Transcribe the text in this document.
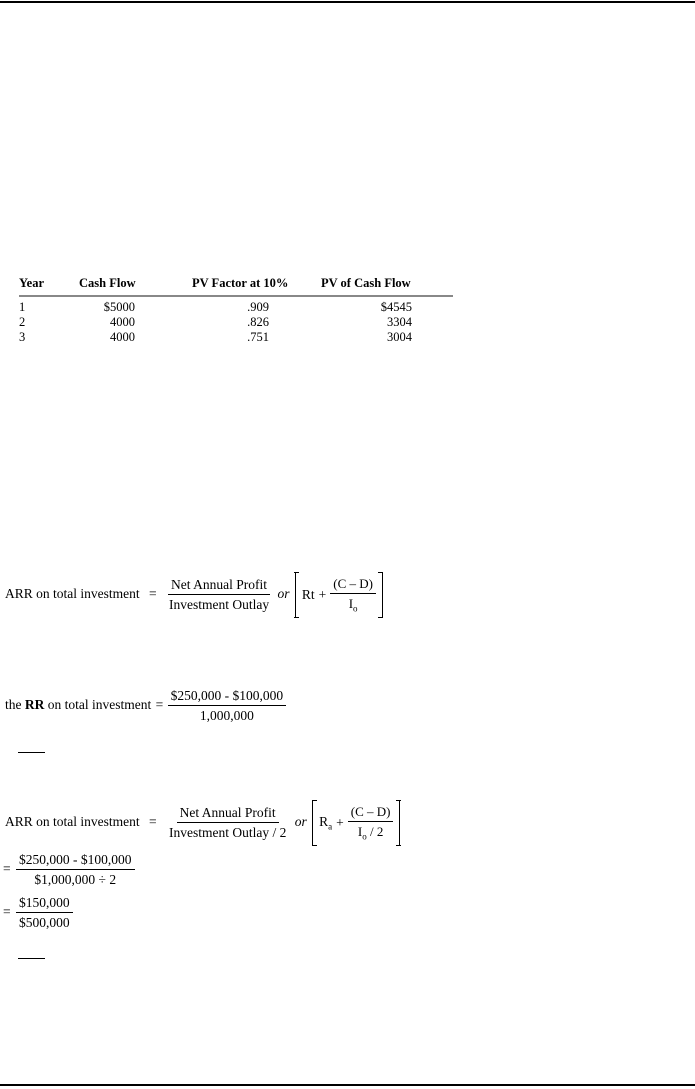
Year	Cash Flow	PV Factor at 10%	PV of Cash Flow
1	$5000	.909	$4545
2	4000	.826	3304
3	4000	.751	3004
ARR on total investment = $\frac{\text{Net Annual Profit}}{\text{Investment Outlay}}$ or $Rt + \frac{(C - D)}{I_o}$
the RR on total investment = $\frac{\$250,000 - \$100,000}{1,000,000}$
ARR on total investment = $\frac{\text{Net Annual Profit}}{\text{Investment Outlay / 2}}$ or $R_a + \frac{(C - D)}{I_o / 2}$
= $\frac{\$250,000 - \$100,000}{\$1,000,000 \div 2}$
= $\frac{\$150,000}{\$500,000}$
